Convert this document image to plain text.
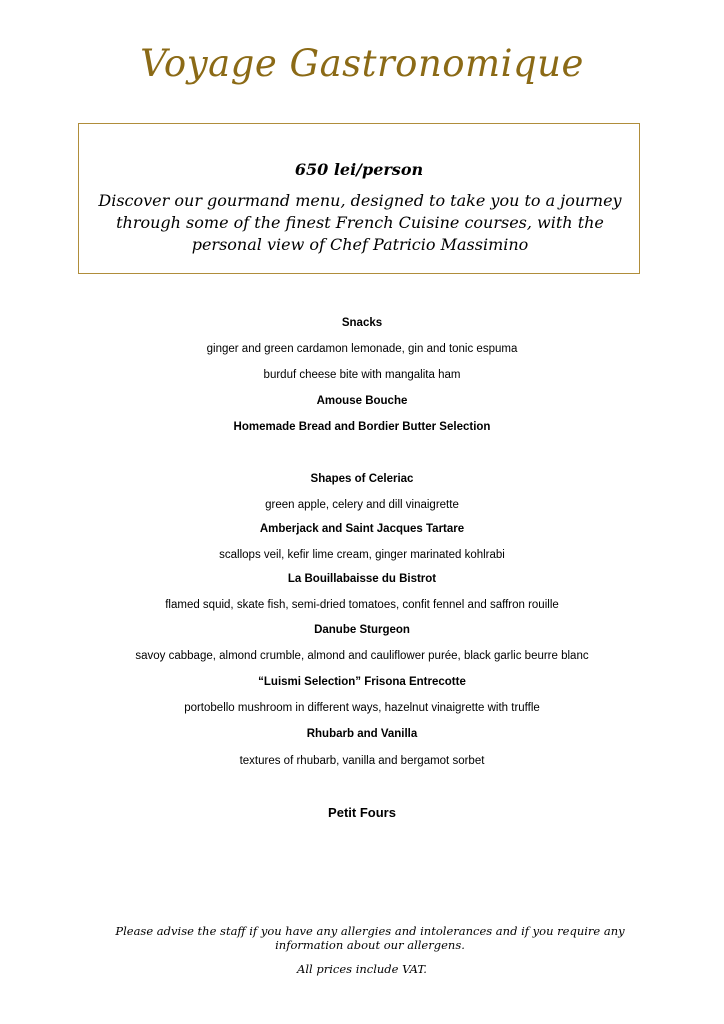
Voyage Gastronomique
650 lei/person
Discover our gourmand menu, designed to take you to a journey through some of the finest French Cuisine courses, with the personal view of Chef Patricio Massimino
Snacks
ginger and green cardamon lemonade, gin and tonic espuma
burduf cheese bite with mangalita ham
Amouse Bouche
Homemade Bread and Bordier Butter Selection
Shapes of Celeriac
green apple, celery and dill vinaigrette
Amberjack and Saint Jacques Tartare
scallops veil, kefir lime cream, ginger marinated kohlrabi
La Bouillabaisse du Bistrot
flamed squid, skate fish, semi-dried tomatoes, confit fennel and saffron rouille
Danube Sturgeon
savoy cabbage, almond crumble, almond and cauliflower purée, black garlic beurre blanc
“Luismi Selection” Frisona Entrecotte
portobello mushroom in different ways, hazelnut vinaigrette with truffle
Rhubarb and Vanilla
textures of rhubarb, vanilla and bergamot sorbet
Petit Fours
Please advise the staff if you have any allergies and intolerances and if you require any information about our allergens.
All prices include VAT.
